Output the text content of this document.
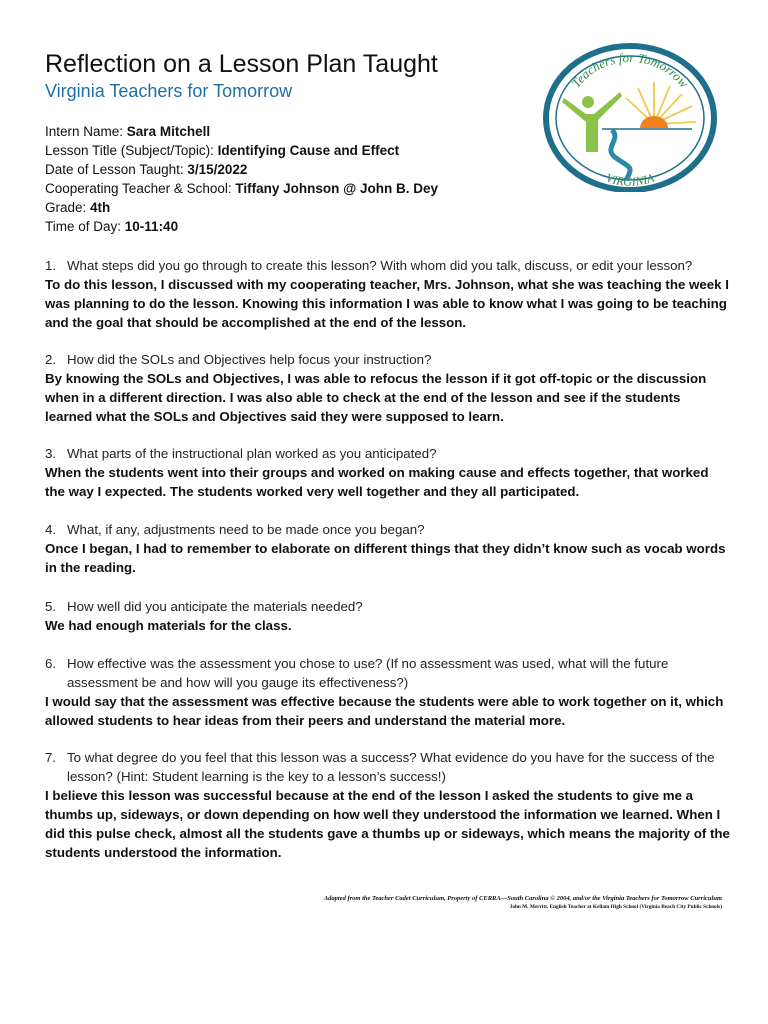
Reflection on a Lesson Plan Taught
Virginia Teachers for Tomorrow	Teachers for Tomorrow
VIRGINIA
Intern Name: Sara Mitchell
Lesson Title (Subject/Topic): Identifying Cause and Effect
Date of Lesson Taught: 3/15/2022
Cooperating Teacher & School: Tiffany Johnson @ John B. Dey
Grade: 4th
Time of Day: 10-11:40
1. What steps did you go through to create this lesson? With whom did you talk, discuss, or edit your lesson?
To do this lesson, I discussed with my cooperating teacher, Mrs. Johnson, what she was teaching the week I was planning to do the lesson. Knowing this information I was able to know what I was going to be teaching and the goal that should be accomplished at the end of the lesson.
2. How did the SOLs and Objectives help focus your instruction?
By knowing the SOLs and Objectives, I was able to refocus the lesson if it got off-topic or the discussion when in a different direction. I was also able to check at the end of the lesson and see if the students learned what the SOLs and Objectives said they were supposed to learn.
3. What parts of the instructional plan worked as you anticipated?
When the students went into their groups and worked on making cause and effects together, that worked the way I expected. The students worked very well together and they all participated.
4. What, if any, adjustments need to be made once you began?
Once I began, I had to remember to elaborate on different things that they didn’t know such as vocab words in the reading.
5. How well did you anticipate the materials needed?
We had enough materials for the class.
6. How effective was the assessment you chose to use? (If no assessment was used, what will the future assessment be and how will you gauge its effectiveness?)
I would say that the assessment was effective because the students were able to work together on it, which allowed students to hear ideas from their peers and understand the material more.
7. To what degree do you feel that this lesson was a success? What evidence do you have for the success of the lesson? (Hint: Student learning is the key to a lesson’s success!)
I believe this lesson was successful because at the end of the lesson I asked the students to give me a thumbs up, sideways, or down depending on how well they understood the information we learned. When I did this pulse check, almost all the students gave a thumbs up or sideways, which means the majority of the students understood the information.
Adapted from the Teacher Cadet Curriculum, Property of CERRA—South Carolina © 2004, and/or the Virginia Teachers for Tomorrow Curriculum
John M. Merritt, English Teacher at Kellam High School (Virginia Beach City Public Schools)
